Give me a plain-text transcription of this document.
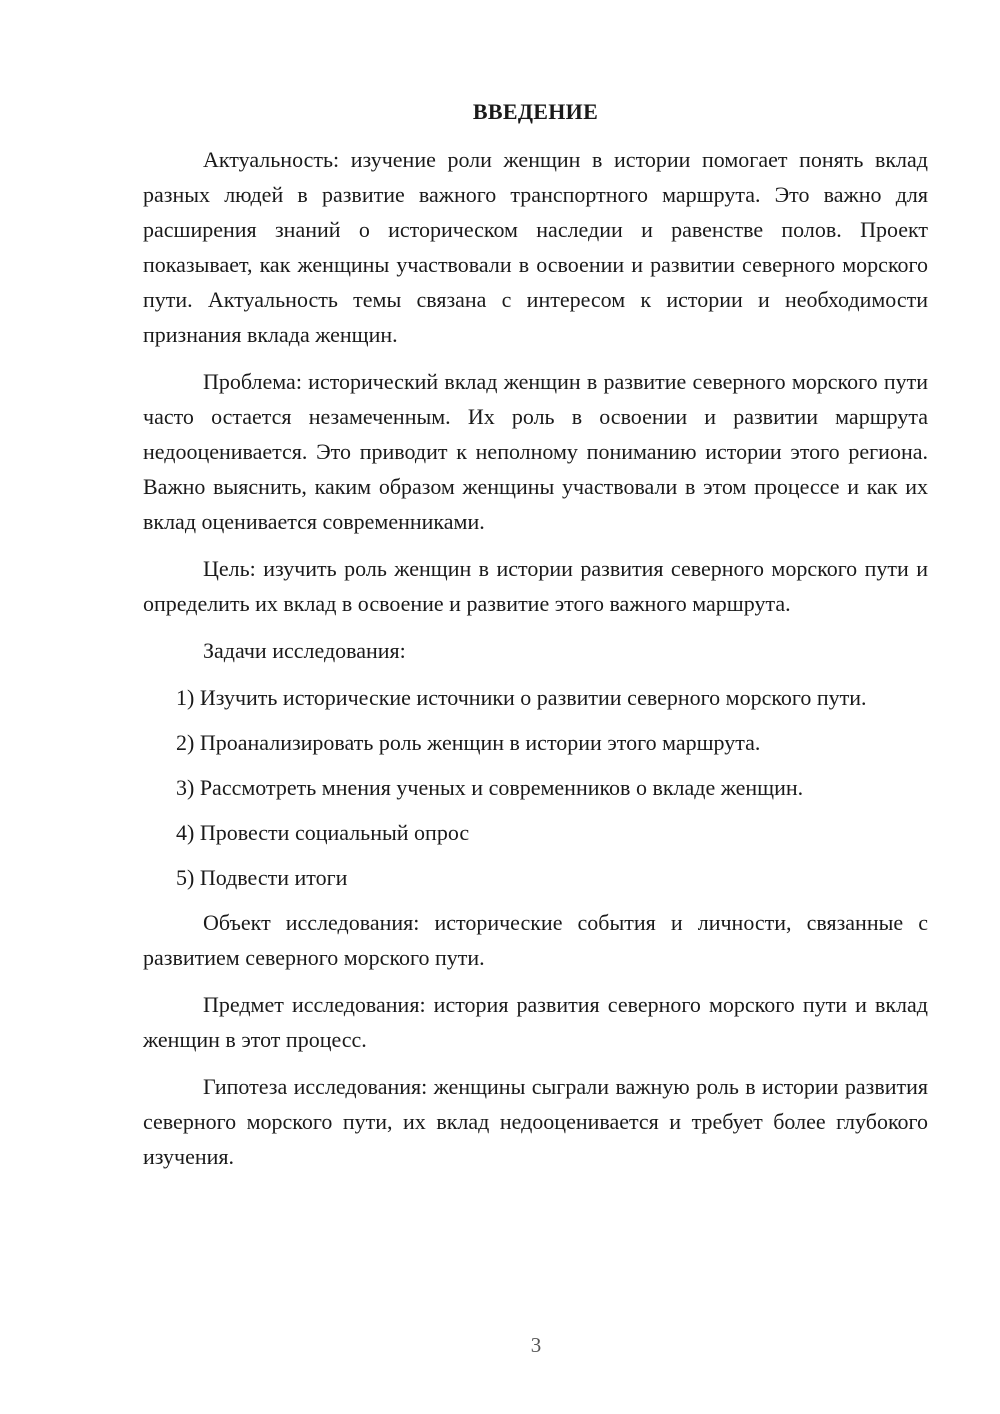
ВВЕДЕНИЕ

Актуальность: изучение роли женщин в истории помогает понять вклад разных людей в развитие важного транспортного маршрута. Это важно для расширения знаний о историческом наследии и равенстве полов. Проект показывает, как женщины участвовали в освоении и развитии северного морского пути. Актуальность темы связана с интересом к истории и необходимости признания вклада женщин.

Проблема: исторический вклад женщин в развитие северного морского пути часто остается незамеченным. Их роль в освоении и развитии маршрута недооценивается. Это приводит к неполному пониманию истории этого региона. Важно выяснить, каким образом женщины участвовали в этом процессе и как их вклад оценивается современниками.

Цель: изучить роль женщин в истории развития северного морского пути и определить их вклад в освоение и развитие этого важного маршрута.

Задачи исследования:

1) Изучить исторические источники о развитии северного морского пути.

2) Проанализировать роль женщин в истории этого маршрута.

3) Рассмотреть мнения ученых и современников о вкладе женщин.

4) Провести социальный опрос

5) Подвести итоги

Объект исследования: исторические события и личности, связанные с развитием северного морского пути.

Предмет исследования: история развития северного морского пути и вклад женщин в этот процесс.

Гипотеза исследования: женщины сыграли важную роль в истории развития северного морского пути, их вклад недооценивается и требует более глубокого изучения.

3
